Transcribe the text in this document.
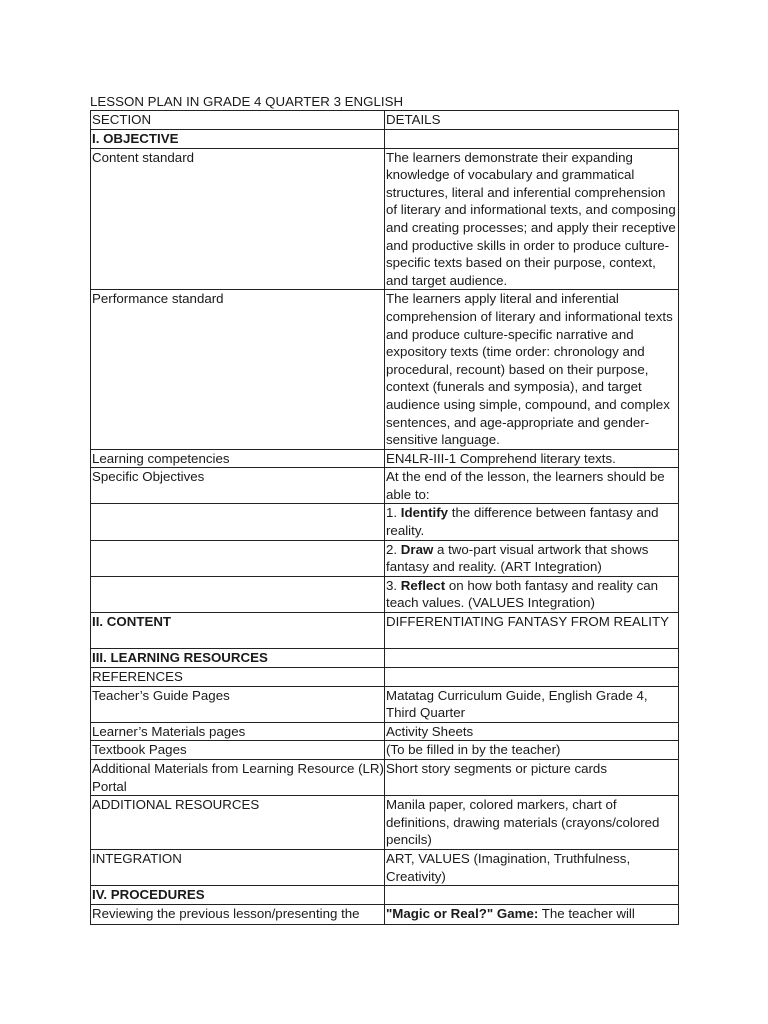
LESSON PLAN IN GRADE 4 QUARTER 3 ENGLISH
SECTION	DETAILS
I. OBJECTIVE	
Content standard	The learners demonstrate their expanding knowledge of vocabulary and grammatical structures, literal and inferential comprehension of literary and informational texts, and composing and creating processes; and apply their receptive and productive skills in order to produce culture-specific texts based on their purpose, context, and target audience.
Performance standard	The learners apply literal and inferential comprehension of literary and informational texts and produce culture-specific narrative and expository texts (time order: chronology and procedural, recount) based on their purpose, context (funerals and symposia), and target audience using simple, compound, and complex sentences, and age-appropriate and gender-sensitive language.
Learning competencies	EN4LR-III-1 Comprehend literary texts.
Specific Objectives	At the end of the lesson, the learners should be able to:
	1. Identify the difference between fantasy and reality.
	2. Draw a two-part visual artwork that shows fantasy and reality. (ART Integration)
	3. Reflect on how both fantasy and reality can teach values. (VALUES Integration)
II. CONTENT	DIFFERENTIATING FANTASY FROM REALITY
III. LEARNING RESOURCES	
REFERENCES	
Teacher’s Guide Pages	Matatag Curriculum Guide, English Grade 4, Third Quarter
Learner’s Materials pages	Activity Sheets
Textbook Pages	(To be filled in by the teacher)
Additional Materials from Learning Resource (LR) Portal	Short story segments or picture cards
ADDITIONAL RESOURCES	Manila paper, colored markers, chart of definitions, drawing materials (crayons/colored pencils)
INTEGRATION	ART, VALUES (Imagination, Truthfulness, Creativity)
IV. PROCEDURES	
Reviewing the previous lesson/presenting the	"Magic or Real?" Game: The teacher will
